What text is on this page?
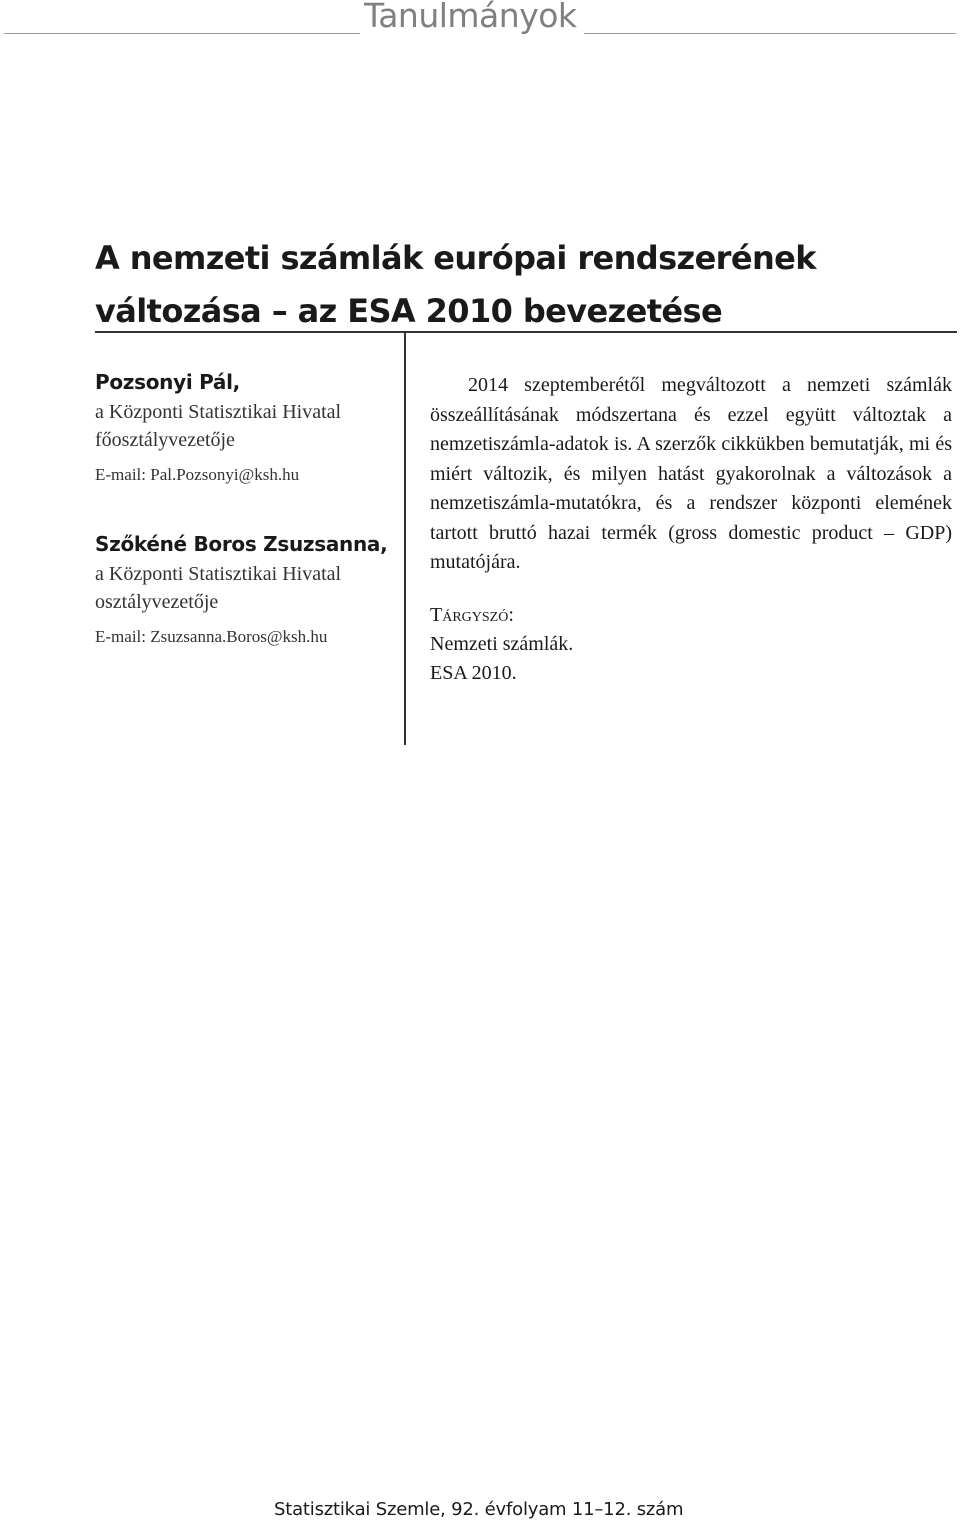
Tanulmányok
A nemzeti számlák európai rendszerének
változása – az ESA 2010 bevezetése
Pozsonyi Pál,
a Központi Statisztikai Hivatal
főosztályvezetője
E-mail: Pal.Pozsonyi@ksh.hu
Szőkéné Boros Zsuzsanna,
a Központi Statisztikai Hivatal
osztályvezetője
E-mail: Zsuzsanna.Boros@ksh.hu

2014 szeptemberétől megváltozott a nemzeti számlák összeállításának módszertana és ezzel együtt változtak a nemzetiszámla-adatok is. A szerzők cikkükben bemutatják, mi és miért változik, és milyen hatást gyakorolnak a változások a nemzetiszámla-mutatókra, és a rendszer központi elemének tartott bruttó hazai termék (gross domestic product – GDP) mutatójára.

Tárgyszó:
Nemzeti számlák.
ESA 2010.
Statisztikai Szemle, 92. évfolyam 11–12. szám
